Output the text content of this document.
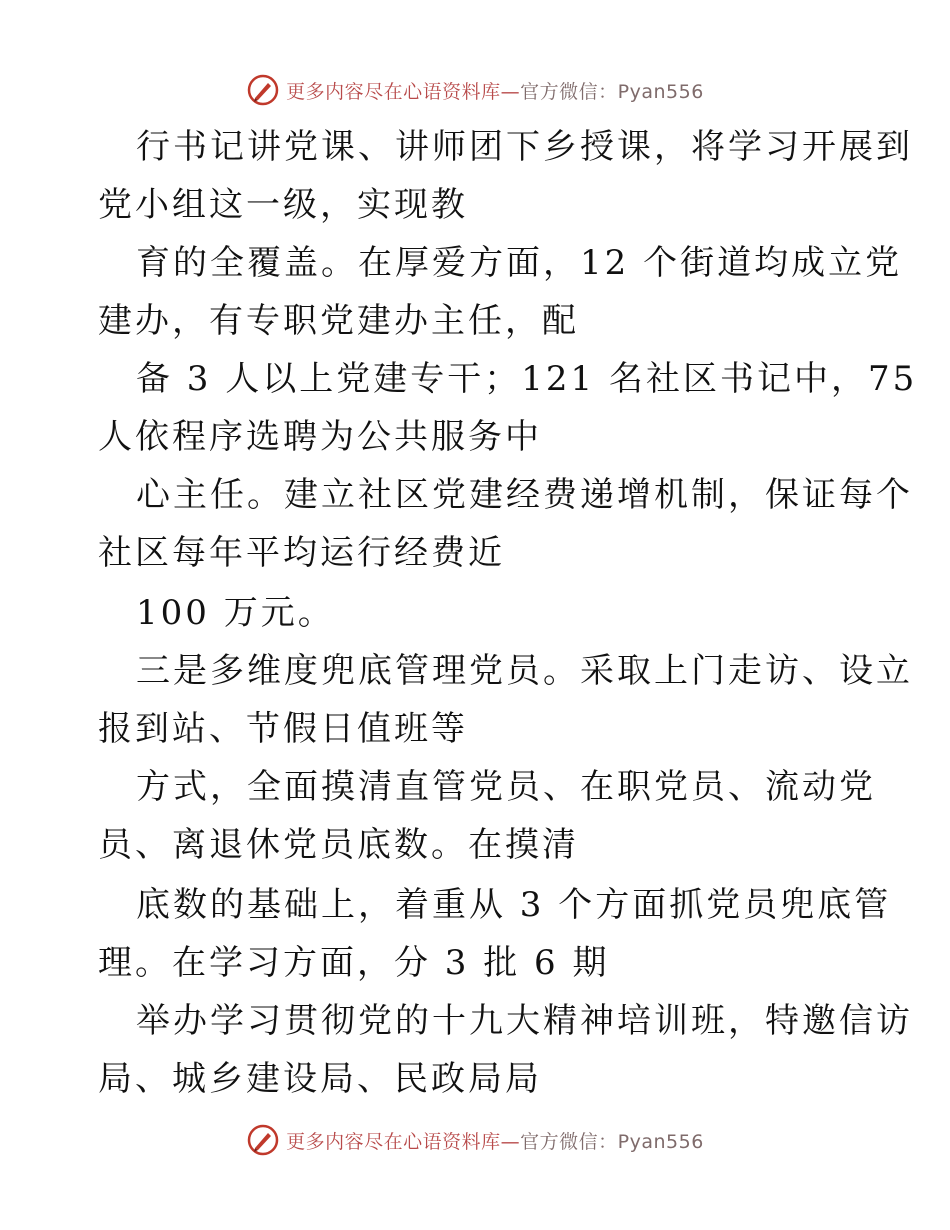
更多内容尽在心语资料库—官方微信：Pyan556
行书记讲党课、讲师团下乡授课，将学习开展到
党小组这一级，实现教
育的全覆盖。在厚爱方面，12 个街道均成立党
建办，有专职党建办主任，配
备 3 人以上党建专干；121 名社区书记中，75
人依程序选聘为公共服务中
心主任。建立社区党建经费递增机制，保证每个
社区每年平均运行经费近
100 万元。
三是多维度兜底管理党员。采取上门走访、设立
报到站、节假日值班等
方式，全面摸清直管党员、在职党员、流动党
员、离退休党员底数。在摸清
底数的基础上，着重从 3 个方面抓党员兜底管
理。在学习方面，分 3 批 6 期
举办学习贯彻党的十九大精神培训班，特邀信访
局、城乡建设局、民政局局
更多内容尽在心语资料库—官方微信：Pyan556
